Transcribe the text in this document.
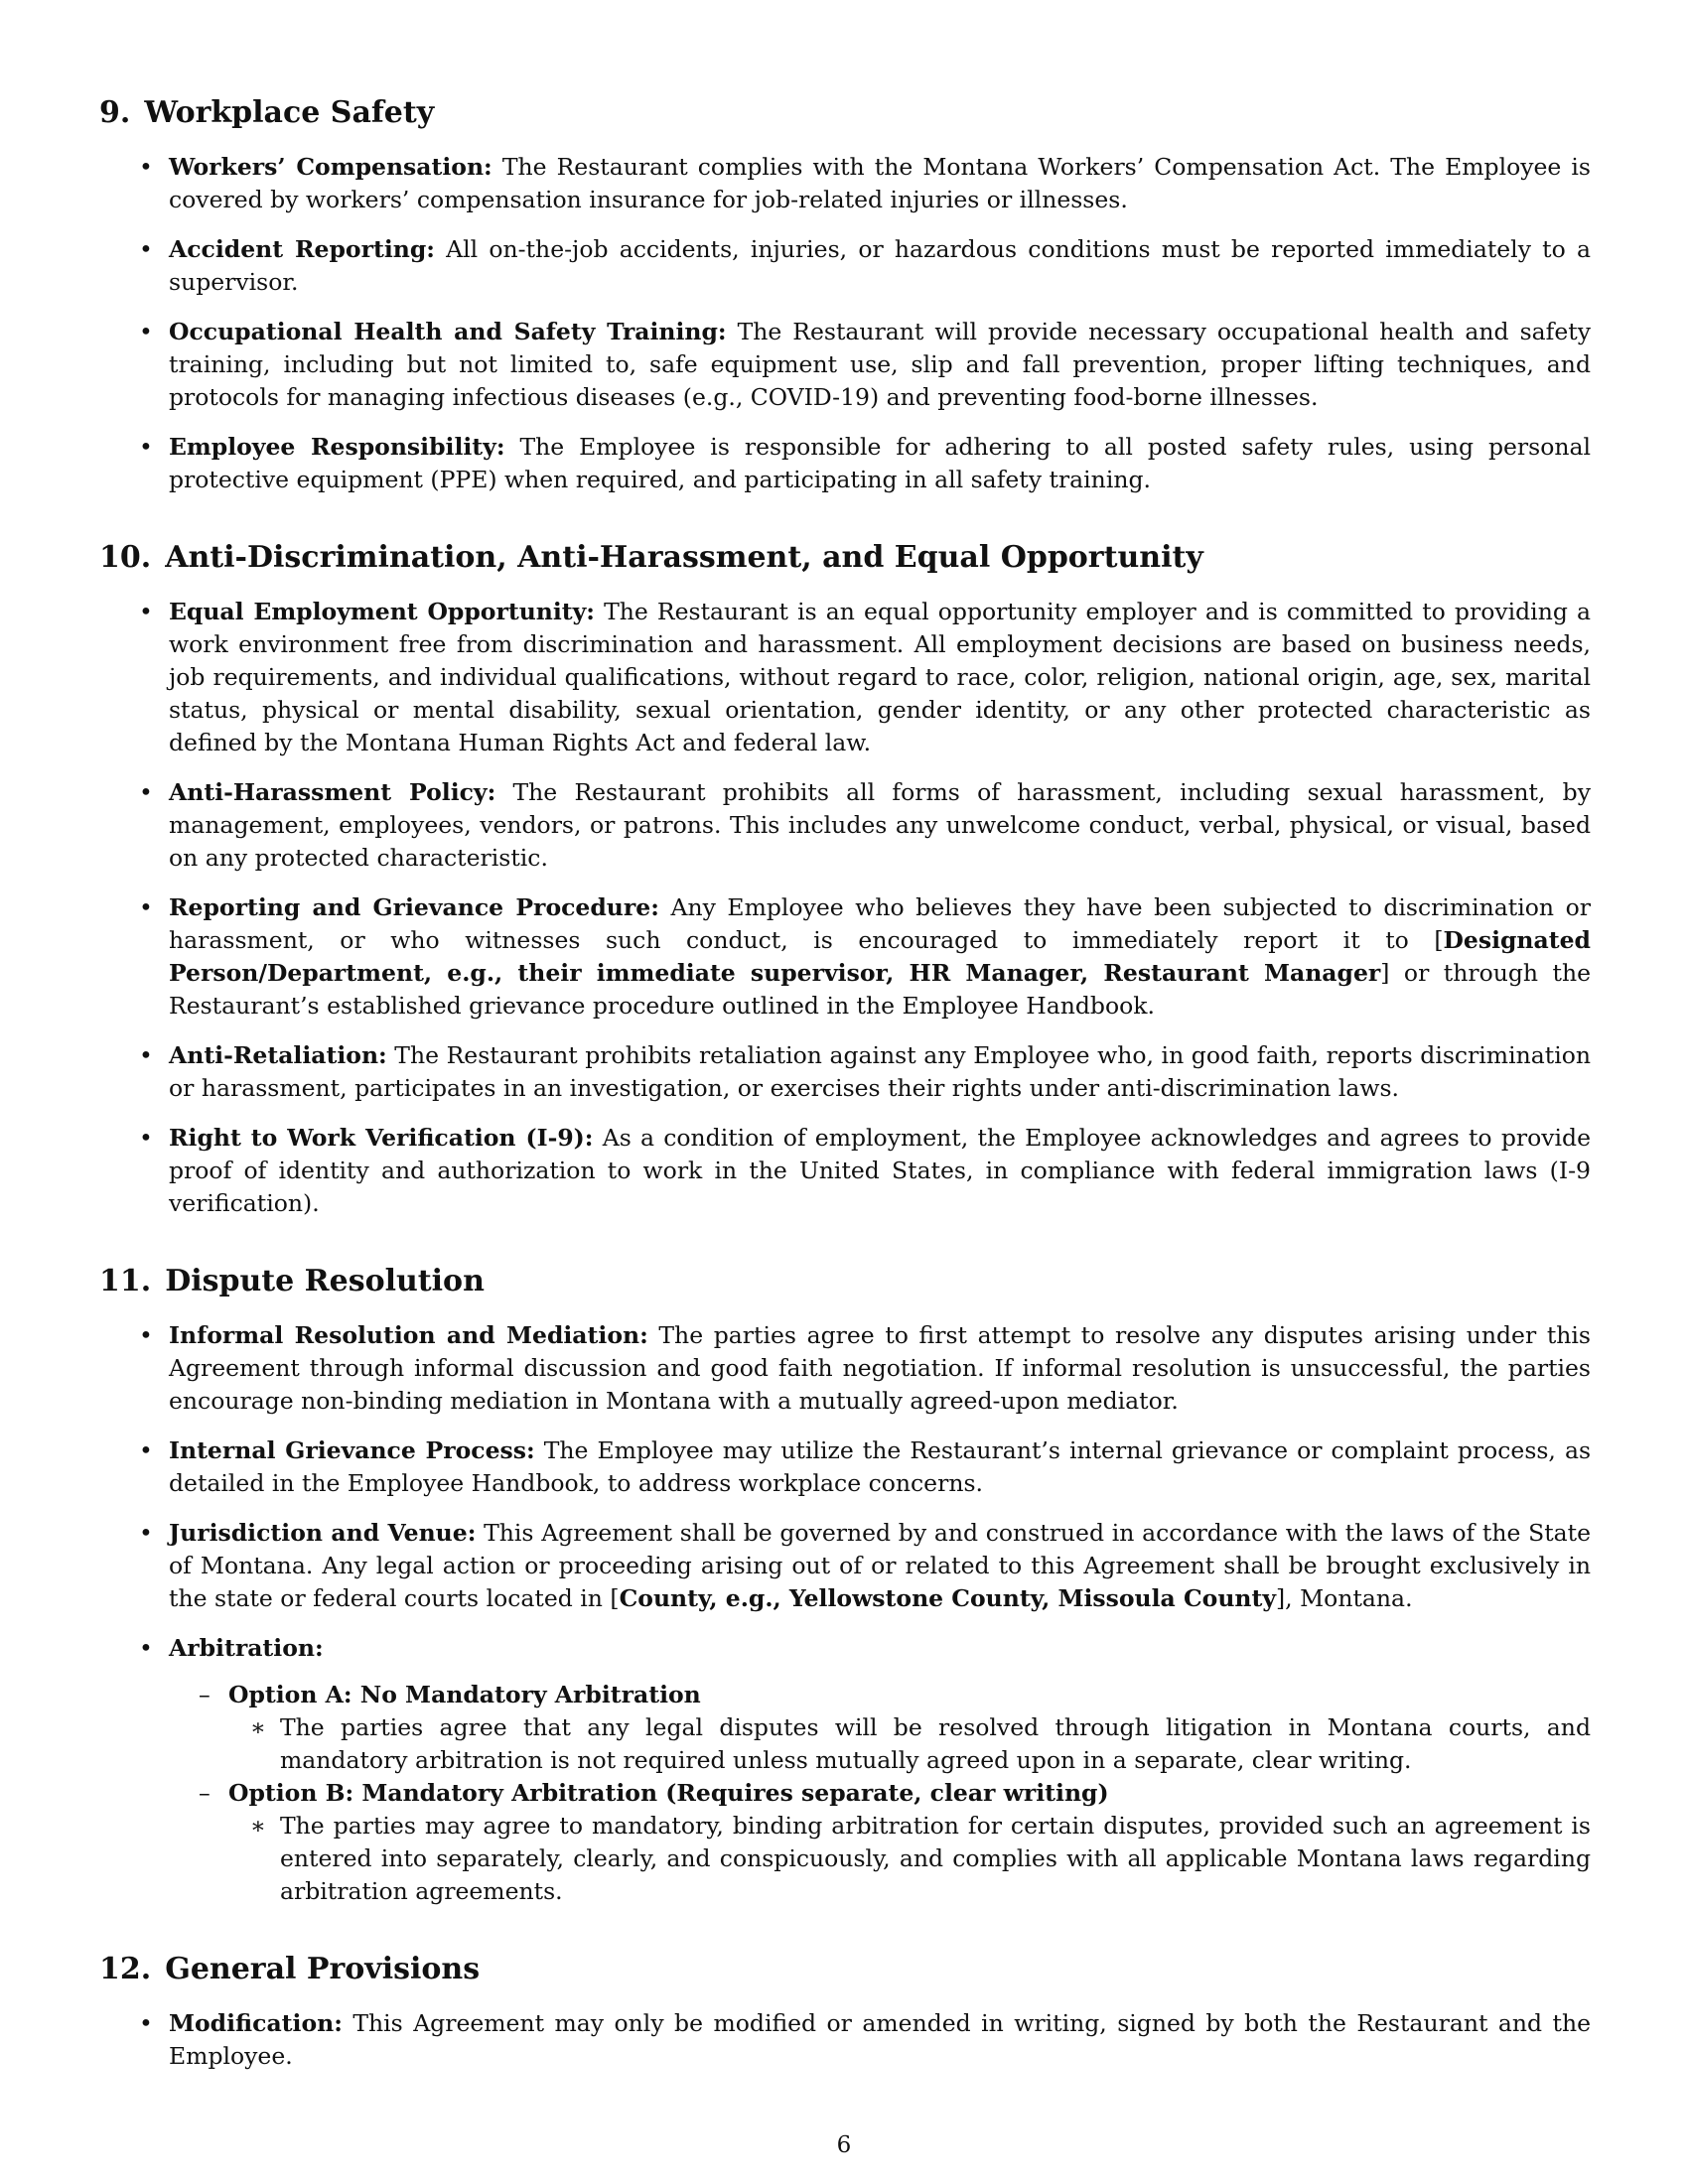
9. Workplace Safety
• Workers’ Compensation: The Restaurant complies with the Montana Workers’ Compensation Act. The Employee is covered by workers’ compensation insurance for job-related injuries or illnesses.
• Accident Reporting: All on-the-job accidents, injuries, or hazardous conditions must be reported immediately to a supervisor.
• Occupational Health and Safety Training: The Restaurant will provide necessary occupational health and safety training, including but not limited to, safe equipment use, slip and fall prevention, proper lifting techniques, and protocols for managing infectious diseases (e.g., COVID-19) and preventing food-borne illnesses.
• Employee Responsibility: The Employee is responsible for adhering to all posted safety rules, using personal protective equipment (PPE) when required, and participating in all safety training.
10. Anti-Discrimination, Anti-Harassment, and Equal Opportunity
• Equal Employment Opportunity: The Restaurant is an equal opportunity employer and is committed to providing a work environment free from discrimination and harassment. All employment decisions are based on business needs, job requirements, and individual qualifications, without regard to race, color, religion, national origin, age, sex, marital status, physical or mental disability, sexual orientation, gender identity, or any other protected characteristic as defined by the Montana Human Rights Act and federal law.
• Anti-Harassment Policy: The Restaurant prohibits all forms of harassment, including sexual harassment, by management, employees, vendors, or patrons. This includes any unwelcome conduct, verbal, physical, or visual, based on any protected characteristic.
• Reporting and Grievance Procedure: Any Employee who believes they have been subjected to discrimination or harassment, or who witnesses such conduct, is encouraged to immediately report it to [Designated Person/Department, e.g., their immediate supervisor, HR Manager, Restaurant Manager] or through the Restaurant’s established grievance procedure outlined in the Employee Handbook.
• Anti-Retaliation: The Restaurant prohibits retaliation against any Employee who, in good faith, reports discrimination or harassment, participates in an investigation, or exercises their rights under anti-discrimination laws.
• Right to Work Verification (I-9): As a condition of employment, the Employee acknowledges and agrees to provide proof of identity and authorization to work in the United States, in compliance with federal immigration laws (I-9 verification).
11. Dispute Resolution
• Informal Resolution and Mediation: The parties agree to first attempt to resolve any disputes arising under this Agreement through informal discussion and good faith negotiation. If informal resolution is unsuccessful, the parties encourage non-binding mediation in Montana with a mutually agreed-upon mediator.
• Internal Grievance Process: The Employee may utilize the Restaurant’s internal grievance or complaint process, as detailed in the Employee Handbook, to address workplace concerns.
• Jurisdiction and Venue: This Agreement shall be governed by and construed in accordance with the laws of the State of Montana. Any legal action or proceeding arising out of or related to this Agreement shall be brought exclusively in the state or federal courts located in [County, e.g., Yellowstone County, Missoula County], Montana.
• Arbitration:
– Option A: No Mandatory Arbitration
∗ The parties agree that any legal disputes will be resolved through litigation in Montana courts, and mandatory arbitration is not required unless mutually agreed upon in a separate, clear writing.
– Option B: Mandatory Arbitration (Requires separate, clear writing)
∗ The parties may agree to mandatory, binding arbitration for certain disputes, provided such an agreement is entered into separately, clearly, and conspicuously, and complies with all applicable Montana laws regarding arbitration agreements.
12. General Provisions
• Modification: This Agreement may only be modified or amended in writing, signed by both the Restaurant and the Employee.
6
